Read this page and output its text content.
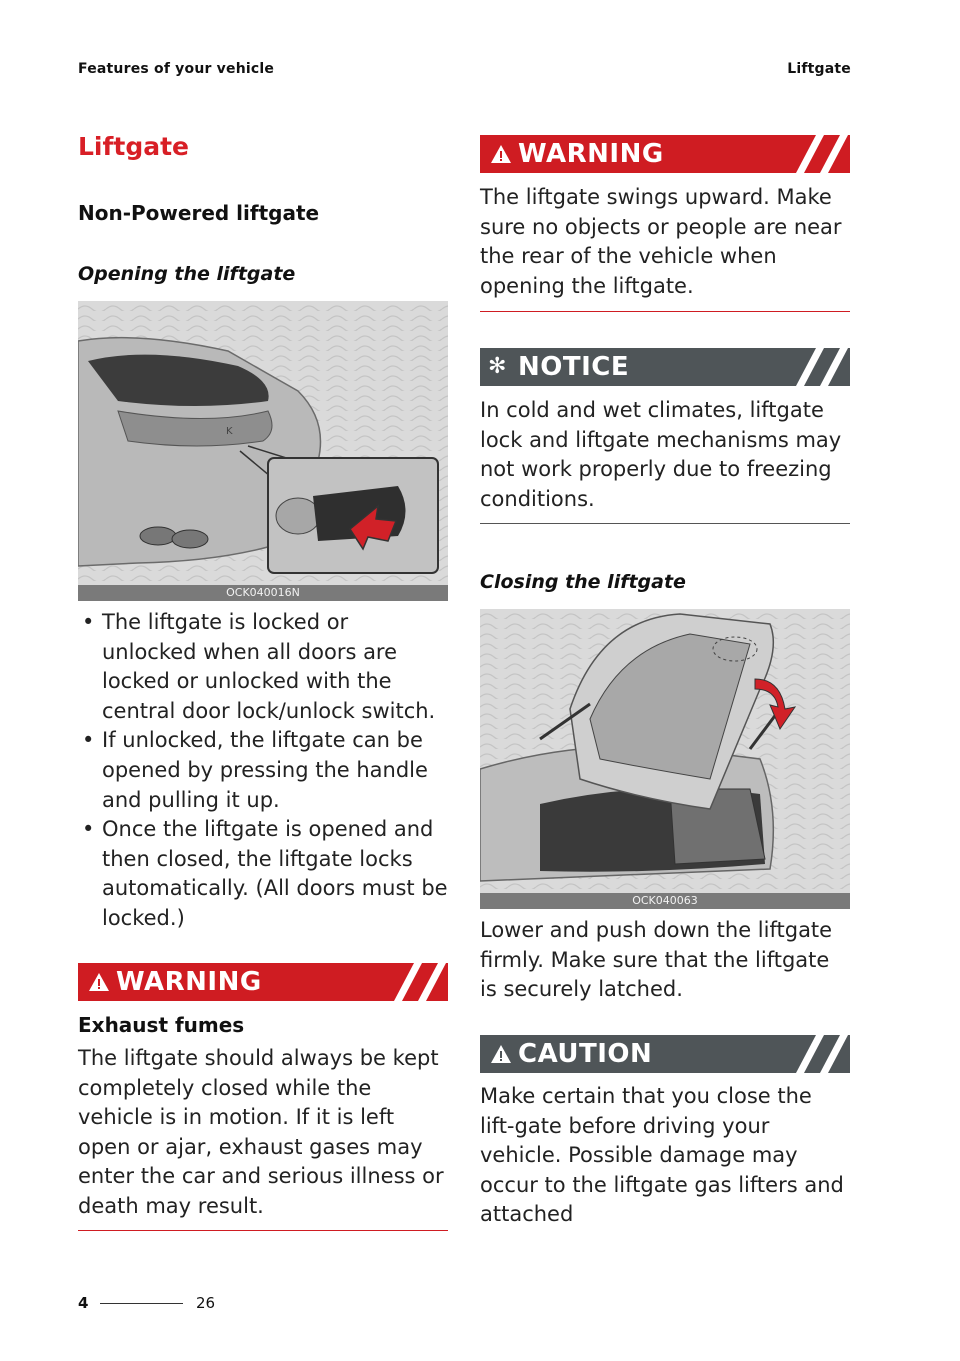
Features of your vehicle	Liftgate
Liftgate
Non-Powered liftgate
Opening the liftgate
K
OCK040016N
• The liftgate is locked or unlocked when all doors are locked or unlocked with the central door lock/unlock switch.
• If unlocked, the liftgate can be opened by pressing the handle and pulling it up.
• Once the liftgate is opened and then closed, the liftgate locks automatically. (All doors must be locked.)
WARNING
Exhaust fumes

The liftgate should always be kept completely closed while the vehicle is in motion. If it is left open or ajar, exhaust gases may enter the car and serious illness or death may result.

WARNING

The liftgate swings upward. Make sure no objects or people are near the rear of the vehicle when opening the liftgate.

✻ NOTICE

In cold and wet climates, liftgate lock and liftgate mechanisms may not work properly due to freezing conditions.

Closing the liftgate
OCK040063

Lower and push down the liftgate firmly. Make sure that the liftgate is securely latched.

CAUTION

Make certain that you close the lift-gate before driving your vehicle. Possible damage may occur to the liftgate gas lifters and attached

4	26
